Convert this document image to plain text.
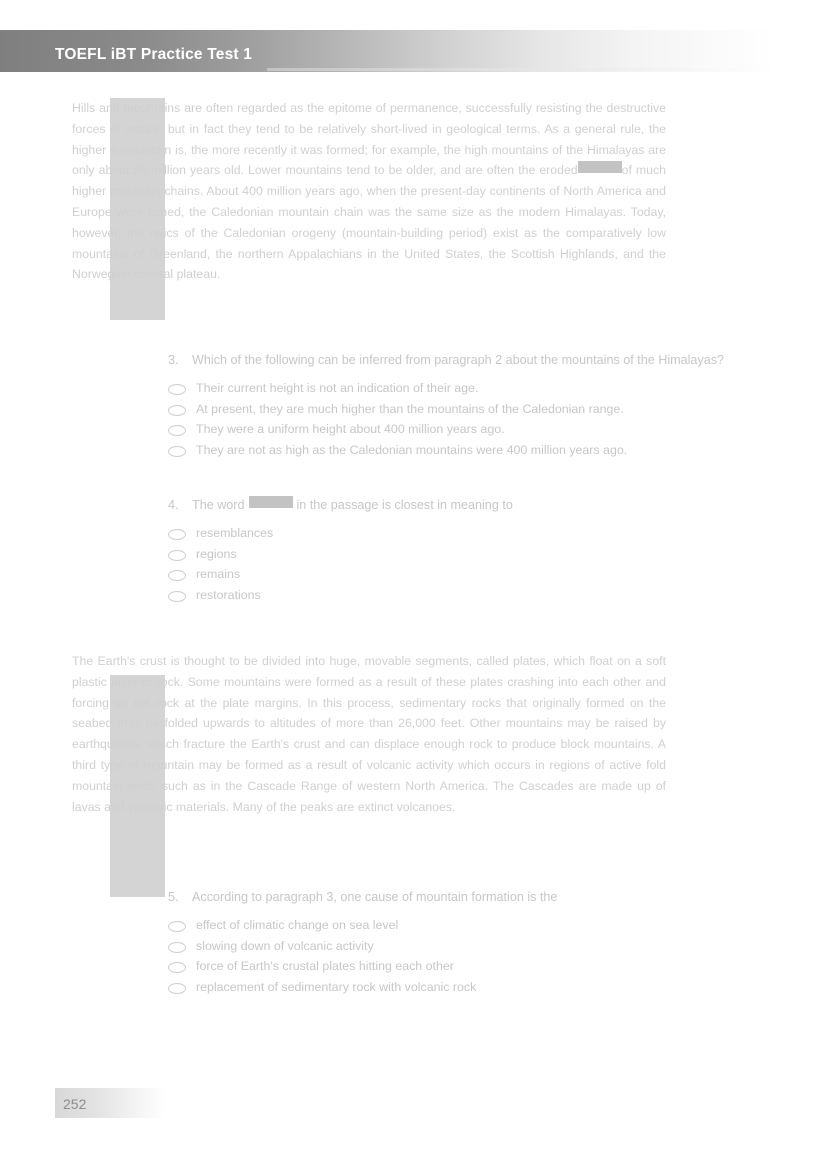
TOEFL iBT Practice Test 1
Hills and mountains are often regarded as the epitome of permanence, successfully resisting the destructive forces of nature, but in fact they tend to be relatively short-lived in geological terms. As a general rule, the higher a mountain is, the more recently it was formed; for example, the high mountains of the Himalayas are only about 50 million years old. Lower mountains tend to be older, and are often the eroded	of much higher mountain chains. About 400 million years ago, when the present-day continents of North America and Europe were joined, the Caledonian mountain chain was the same size as the modern Himalayas. Today, however, the relics of the Caledonian orogeny (mountain-building period) exist as the comparatively low mountains of Greenland, the northern Appalachians in the United States, the Scottish Highlands, and the Norwegian coastal plateau.
3.	Which of the following can be inferred from paragraph 2 about the mountains of the Himalayas?
Their current height is not an indication of their age.
At present, they are much higher than the mountains of the Caledonian range.
They were a uniform height about 400 million years ago.
They are not as high as the Caledonian mountains were 400 million years ago.
4.	The word	in the passage is closest in meaning to
resemblances
regions
remains
restorations
The Earth's crust is thought to be divided into huge, movable segments, called plates, which float on a soft plastic layer of rock. Some mountains were formed as a result of these plates crashing into each other and forcing up the rock at the plate margins. In this process, sedimentary rocks that originally formed on the seabed may be folded upwards to altitudes of more than 26,000 feet. Other mountains may be raised by earthquakes, which fracture the Earth's crust and can displace enough rock to produce block mountains. A third type of mountain may be formed as a result of volcanic activity which occurs in regions of active fold mountain belts, such as in the Cascade Range of western North America. The Cascades are made up of lavas and volcanic materials. Many of the peaks are extinct volcanoes.
5.	According to paragraph 3, one cause of mountain formation is the
effect of climatic change on sea level
slowing down of volcanic activity
force of Earth's crustal plates hitting each other
replacement of sedimentary rock with volcanic rock
252
